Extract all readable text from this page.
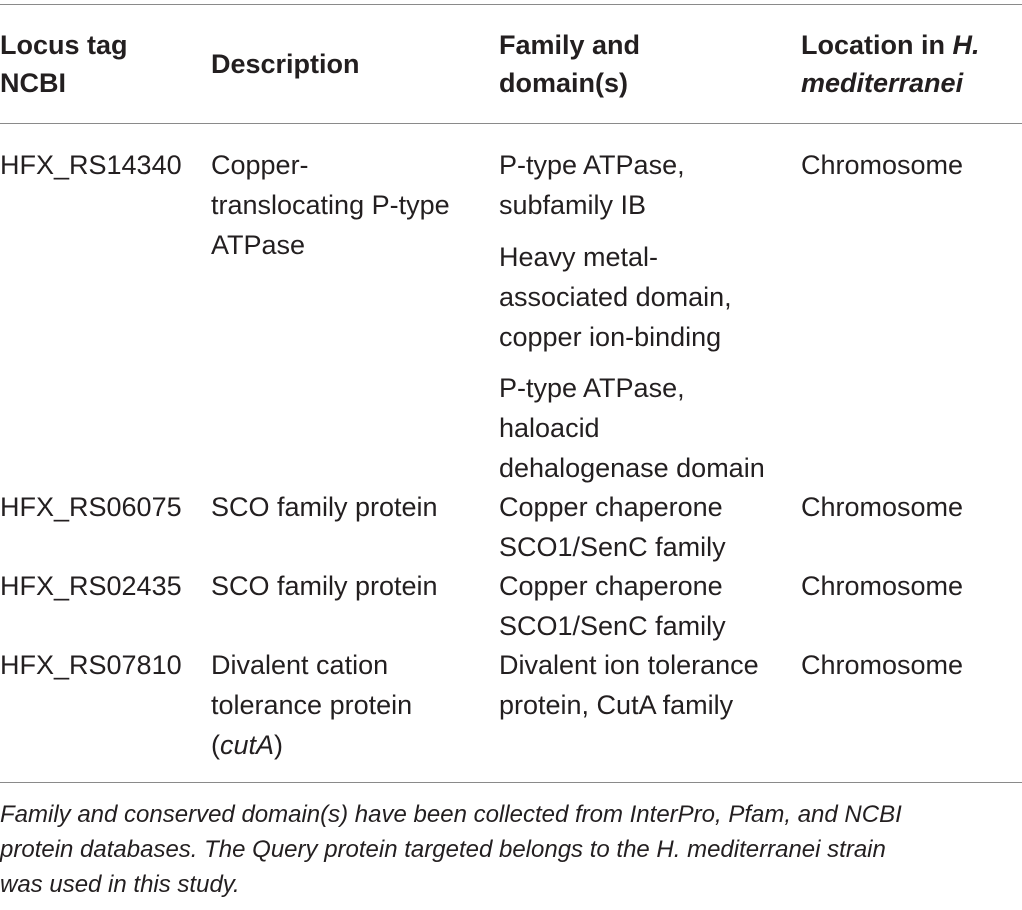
Locus tag
NCBI
Description
Family and
domain(s)
Location in H.
mediterranei
HFX_RS14340 Copper-
translocating P-type
ATPase
P-type ATPase,
subfamily IB
Heavy metal-
associated domain,
copper ion-binding
P-type ATPase,
haloacid
dehalogenase domain
Chromosome
HFX_RS06075 SCO family protein Copper chaperone
SCO1/SenC family
Chromosome
HFX_RS02435 SCO family protein Copper chaperone
SCO1/SenC family
Chromosome
HFX_RS07810 Divalent cation
tolerance protein
(cutA)
Divalent ion tolerance
protein, CutA family
Chromosome
Family and conserved domain(s) have been collected from InterPro, Pfam, and NCBI
protein databases. The Query protein targeted belongs to the H. mediterranei strain
was used in this study.
